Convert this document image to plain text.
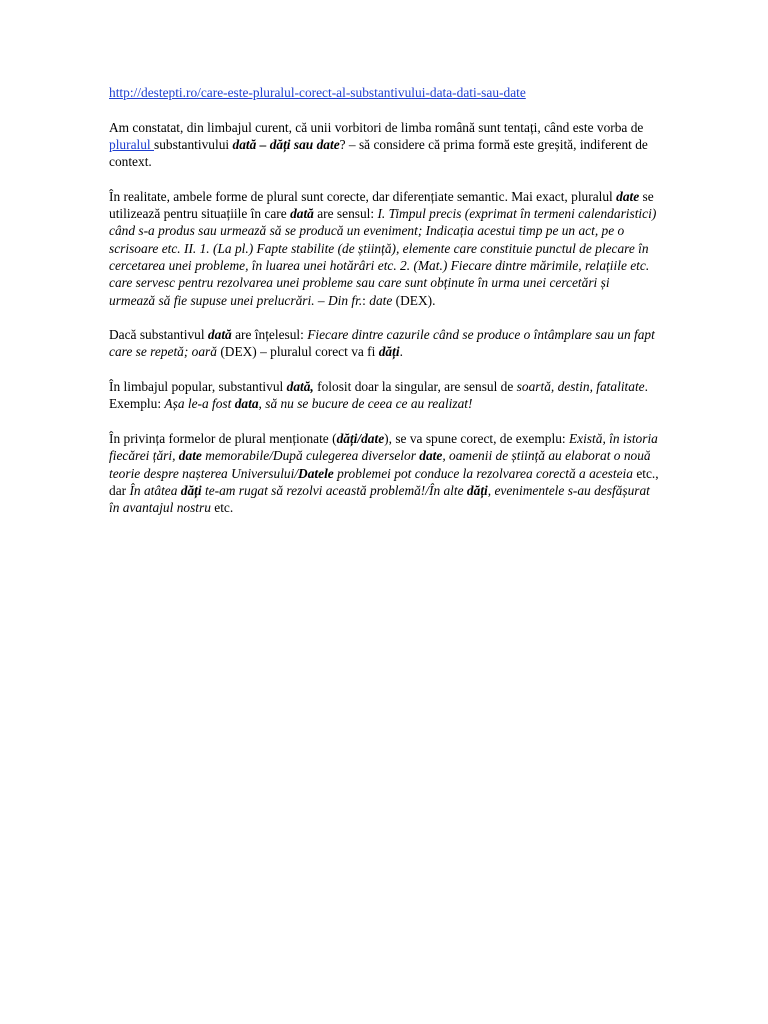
http://destepti.ro/care-este-pluralul-corect-al-substantivului-data-dati-sau-date

Am constatat, din limbajul curent, că unii vorbitori de limba română sunt tentați, când este vorba de pluralul substantivului dată – dăți sau date? – să considere că prima formă este greșită, indiferent de context.

În realitate, ambele forme de plural sunt corecte, dar diferențiate semantic. Mai exact, pluralul date se utilizează pentru situațiile în care dată are sensul: I. Timpul precis (exprimat în termeni calendaristici) când s-a produs sau urmează să se producă un eveniment; Indicația acestui timp pe un act, pe o scrisoare etc. II. 1. (La pl.) Fapte stabilite (de știință), elemente care constituie punctul de plecare în cercetarea unei probleme, în luarea unei hotărâri etc. 2. (Mat.) Fiecare dintre mărimile, relațiile etc. care servesc pentru rezolvarea unei probleme sau care sunt obținute în urma unei cercetări și urmează să fie supuse unei prelucrări. – Din fr.: date (DEX).

Dacă substantivul dată are înțelesul: Fiecare dintre cazurile când se produce o întâmplare sau un fapt care se repetă; oară (DEX) – pluralul corect va fi dăți.

În limbajul popular, substantivul dată, folosit doar la singular, are sensul de soartă, destin, fatalitate. Exemplu: Așa le-a fost data, să nu se bucure de ceea ce au realizat!

În privința formelor de plural menționate (dăți/date), se va spune corect, de exemplu: Există, în istoria fiecărei țări, date memorabile/După culegerea diverselor date, oamenii de știință au elaborat o nouă teorie despre nașterea Universului/Datele problemei pot conduce la rezolvarea corectă a acesteia etc., dar În atâtea dăți te-am rugat să rezolvi această problemă!/În alte dăți, evenimentele s-au desfășurat în avantajul nostru etc.
